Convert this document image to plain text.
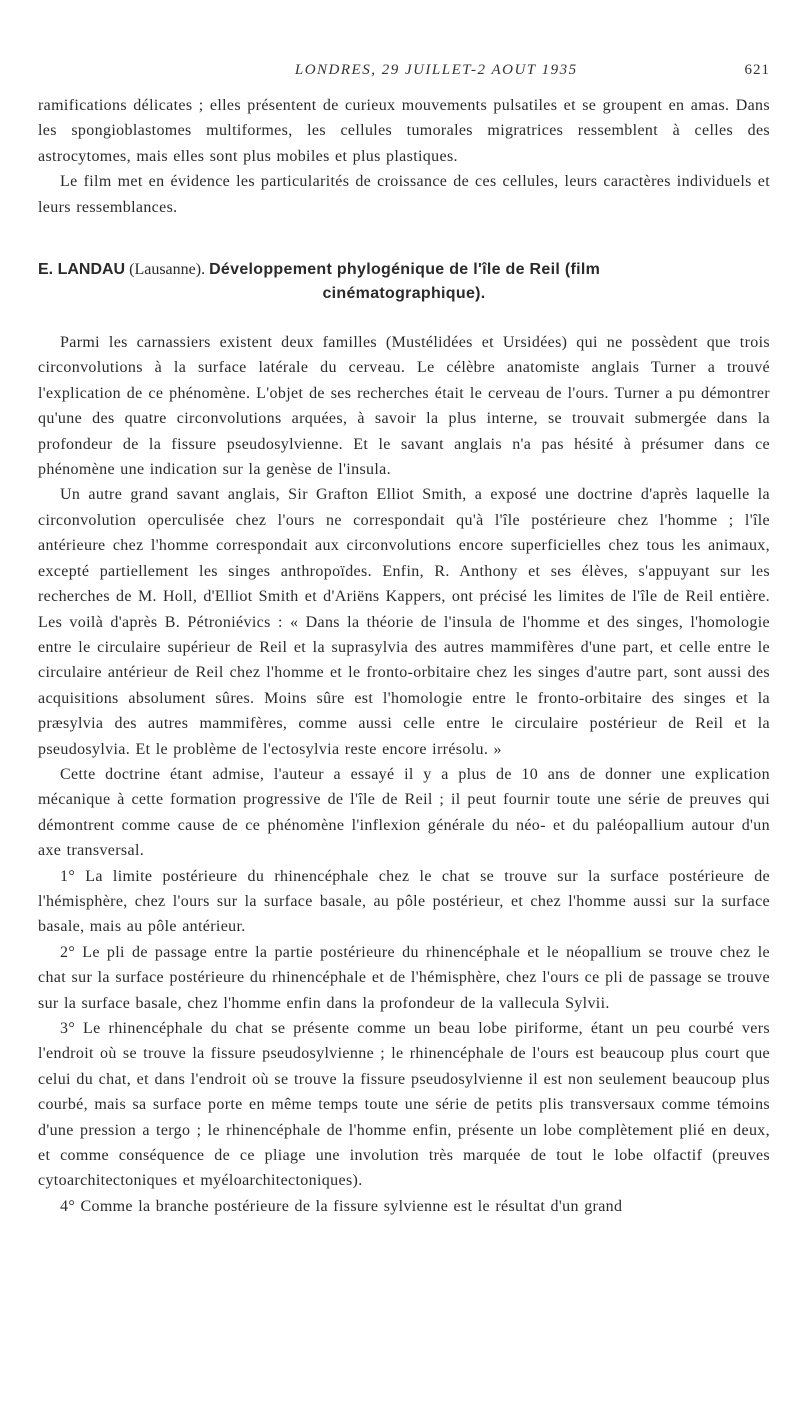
LONDRES, 29 JUILLET-2 AOUT 1935	621

ramifications délicates ; elles présentent de curieux mouvements pulsatiles et se groupent en amas. Dans les spongioblastomes multiformes, les cellules tumorales migratrices ressemblent à celles des astrocytomes, mais elles sont plus mobiles et plus plastiques.

Le film met en évidence les particularités de croissance de ces cellules, leurs caractères individuels et leurs ressemblances.

E. LANDAU (Lausanne). Développement phylogénique de l'île de Reil (film
cinématographique).

Parmi les carnassiers existent deux familles (Mustélidées et Ursidées) qui ne possèdent que trois circonvolutions à la surface latérale du cerveau. Le célèbre anatomiste anglais Turner a trouvé l'explication de ce phénomène. L'objet de ses recherches était le cerveau de l'ours. Turner a pu démontrer qu'une des quatre circonvolutions arquées, à savoir la plus interne, se trouvait submergée dans la profondeur de la fissure pseudosylvienne. Et le savant anglais n'a pas hésité à présumer dans ce phénomène une indication sur la genèse de l'insula.

Un autre grand savant anglais, Sir Grafton Elliot Smith, a exposé une doctrine d'après laquelle la circonvolution operculisée chez l'ours ne correspondait qu'à l'île postérieure chez l'homme ; l'île antérieure chez l'homme correspondait aux circonvolutions encore superficielles chez tous les animaux, excepté partiellement les singes anthropoïdes. Enfin, R. Anthony et ses élèves, s'appuyant sur les recherches de M. Holl, d'Elliot Smith et d'Ariëns Kappers, ont précisé les limites de l'île de Reil entière. Les voilà d'après B. Pétroniévics : « Dans la théorie de l'insula de l'homme et des singes, l'homologie entre le circulaire supérieur de Reil et la suprasylvia des autres mammifères d'une part, et celle entre le circulaire antérieur de Reil chez l'homme et le fronto-orbitaire chez les singes d'autre part, sont aussi des acquisitions absolument sûres. Moins sûre est l'homologie entre le fronto-orbitaire des singes et la præsylvia des autres mammifères, comme aussi celle entre le circulaire postérieur de Reil et la pseudosylvia. Et le problème de l'ectosylvia reste encore irrésolu. »

Cette doctrine étant admise, l'auteur a essayé il y a plus de 10 ans de donner une explication mécanique à cette formation progressive de l'île de Reil ; il peut fournir toute une série de preuves qui démontrent comme cause de ce phénomène l'inflexion générale du néo- et du paléopallium autour d'un axe transversal.

1° La limite postérieure du rhinencéphale chez le chat se trouve sur la surface postérieure de l'hémisphère, chez l'ours sur la surface basale, au pôle postérieur, et chez l'homme aussi sur la surface basale, mais au pôle antérieur.

2° Le pli de passage entre la partie postérieure du rhinencéphale et le néopallium se trouve chez le chat sur la surface postérieure du rhinencéphale et de l'hémisphère, chez l'ours ce pli de passage se trouve sur la surface basale, chez l'homme enfin dans la profondeur de la vallecula Sylvii.

3° Le rhinencéphale du chat se présente comme un beau lobe piriforme, étant un peu courbé vers l'endroit où se trouve la fissure pseudosylvienne ; le rhinencéphale de l'ours est beaucoup plus court que celui du chat, et dans l'endroit où se trouve la fissure pseudosylvienne il est non seulement beaucoup plus courbé, mais sa surface porte en même temps toute une série de petits plis transversaux comme témoins d'une pression a tergo ; le rhinencéphale de l'homme enfin, présente un lobe complètement plié en deux, et comme conséquence de ce pliage une involution très marquée de tout le lobe olfactif (preuves cytoarchitectoniques et myéloarchitectoniques).

4° Comme la branche postérieure de la fissure sylvienne est le résultat d'un grand
